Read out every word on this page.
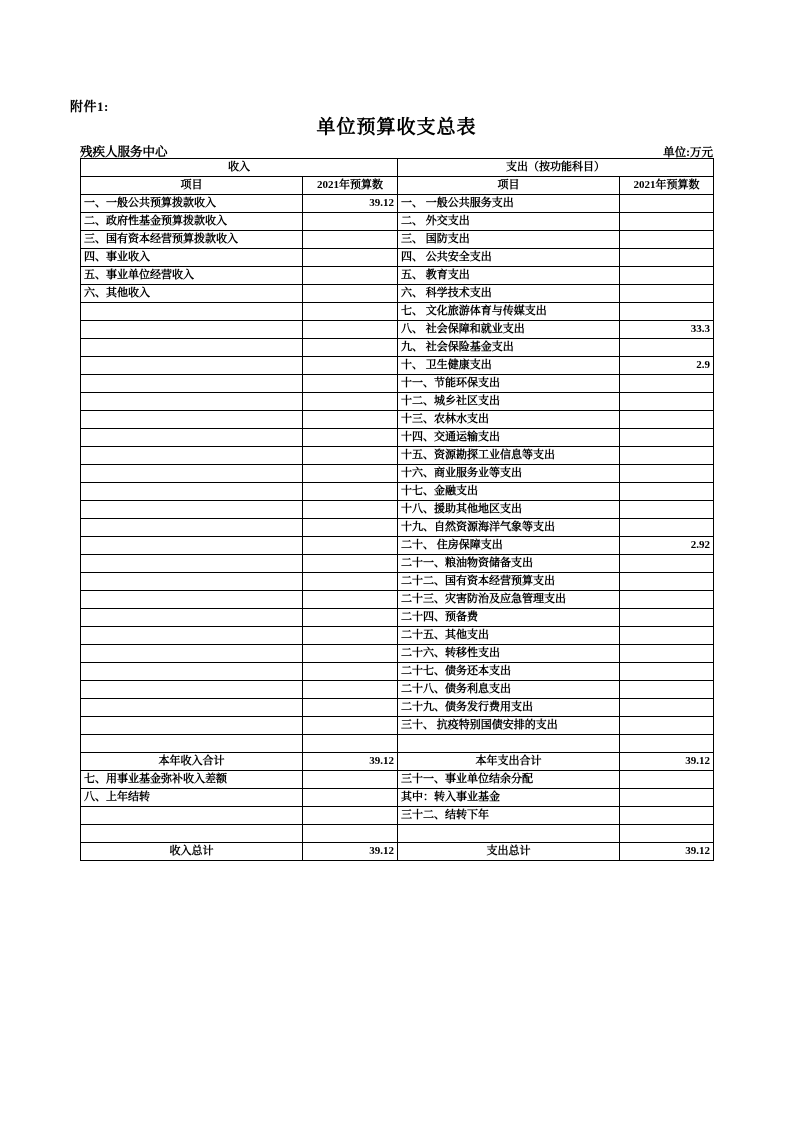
附件1:
单位预算收支总表
残疾人服务中心	单位:万元
收入		支出（按功能科目）	
项目	2021年预算数	项目	2021年预算数
一、一般公共预算拨款收入	39.12	一、 一般公共服务支出	
二、政府性基金预算拨款收入		二、 外交支出	
三、国有资本经营预算拨款收入		三、 国防支出	
四、事业收入		四、 公共安全支出	
五、事业单位经营收入		五、 教育支出	
六、其他收入		六、 科学技术支出	
		七、 文化旅游体育与传媒支出	
		八、 社会保障和就业支出	33.3
		九、 社会保险基金支出	
		十、 卫生健康支出	2.9
		十一、节能环保支出	
		十二、城乡社区支出	
		十三、农林水支出	
		十四、交通运输支出	
		十五、资源勘探工业信息等支出	
		十六、商业服务业等支出	
		十七、金融支出	
		十八、援助其他地区支出	
		十九、自然资源海洋气象等支出	
		二十、 住房保障支出	2.92
		二十一、粮油物资储备支出	
		二十二、国有资本经营预算支出	
		二十三、灾害防治及应急管理支出	
		二十四、预备费	
		二十五、其他支出	
		二十六、转移性支出	
		二十七、债务还本支出	
		二十八、债务利息支出	
		二十九、债务发行费用支出	
		三十、 抗疫特别国债安排的支出	

本年收入合计	39.12	本年支出合计	39.12
七、用事业基金弥补收入差额		三十一、事业单位结余分配	
八、上年结转		其中：转入事业基金	
		三十二、结转下年	

收入总计	39.12	支出总计	39.12
